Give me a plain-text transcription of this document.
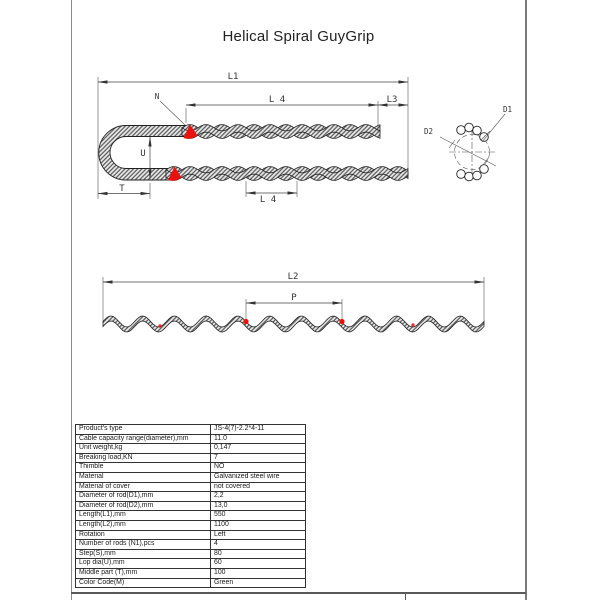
Helical Spiral GuyGrip
L1
L 4	L3
N
U
T
L 4
D1
D2
L2
P
Product's type	JS-4(7)-2.2*4-11
Cable capacity range(diameter),mm	11.0
Unit weight,kg	0,147
Breaking load,KN	7
Thimble	NO
Material	Galvanized steel wire
Material of cover	not covered
Diameter of rod(D1),mm	2,2
Diameter of rod(D2),mm	13,0
Length(L1),mm	550
Length(L2),mm	1100
Rotation	Left
Number of rods (N1),pcs	4
Step(S),mm	80
Lop dia(U),mm	60
Middle part (T),mm	100
Color Code(M)	Green
